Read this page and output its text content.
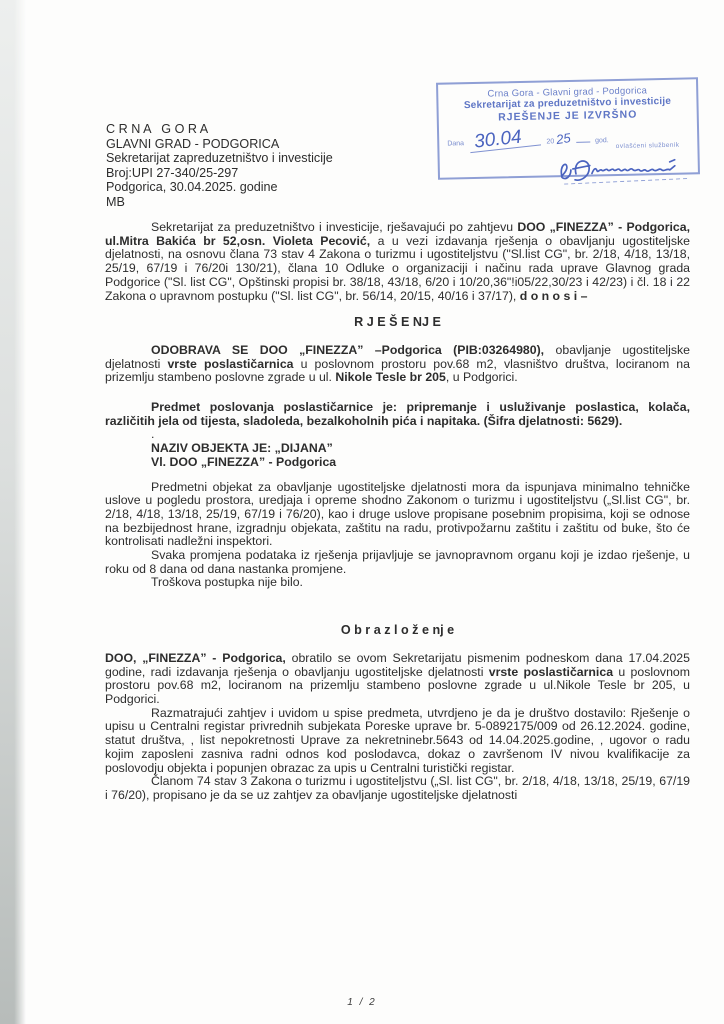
Crna Gora - Glavni grad - Podgorica
Sekretarijat za preduzetništvo i investicije
RJEŠENJE JE IZVRŠNO
Dana 30.04	20 25	god.
ovlašćeni službenik
C R N A   G O R A
GLAVNI GRAD - PODGORICA
Sekretarijat zapreduzetništvo i investicije
Broj:UPI 27-340/25-297
Podgorica, 30.04.2025. godine
MB

Sekretarijat za preduzetništvo i investicije, rješavajući po zahtjevu DOO „FINEZZA” - Podgorica, ul.Mitra Bakića br 52,osn. Violeta Pecović, a u vezi izdavanja rješenja o obavljanju ugostiteljske djelatnosti, na osnovu člana 73 stav 4 Zakona o turizmu i ugostiteljstvu ("Sl.list CG", br. 2/18, 4/18, 13/18, 25/19, 67/19 i 76/20i 130/21), člana 10 Odluke o organizaciji i načinu rada uprave Glavnog grada Podgorice ("Sl. list CG", Opštinski propisi br. 38/18, 43/18, 6/20 i 10/20,36"!i05/22,30/23 i 42/23) i čl. 18 i 22 Zakona o upravnom postupku ("Sl. list CG", br. 56/14, 20/15, 40/16 i 37/17), d o n o s i –

R J E Š E NJ E

ODOBRAVA SE DOO „FINEZZA” –Podgorica (PIB:03264980), obavljanje ugostiteljske djelatnosti vrste poslastičarnica u poslovnom prostoru pov.68 m2, vlasništvo društva, lociranom na prizemlju stambeno poslovne zgrade u ul. Nikole Tesle br 205, u Podgorici.

Predmet poslovanja poslastičarnice je: pripremanje i usluživanje poslastica, kolača, različitih jela od tijesta, sladoleda, bezalkoholnih pića i napitaka. (Šifra djelatnosti: 5629).

.

NAZIV OBJEKTA JE: „DIJANA”

Vl. DOO „FINEZZA” - Podgorica

Predmetni objekat za obavljanje ugostiteljske djelatnosti mora da ispunjava minimalno tehničke uslove u pogledu prostora, uredjaja i opreme shodno Zakonom o turizmu i ugostiteljstvu („Sl.list CG", br. 2/18, 4/18, 13/18, 25/19, 67/19 i 76/20), kao i druge uslove propisane posebnim propisima, koji se odnose na bezbijednost hrane, izgradnju objekata, zaštitu na radu, protivpožarnu zaštitu i zaštitu od buke, što će kontrolisati nadležni inspektori.

Svaka promjena podataka iz rješenja prijavljuje se javnopravnom organu koji je izdao rješenje, u roku od 8 dana od dana nastanka promjene.

Troškova postupka nije bilo.

O b r a z l o ž e nj e

DOO, „FINEZZA” - Podgorica, obratilo se ovom Sekretarijatu pismenim podneskom dana 17.04.2025 godine, radi izdavanja rješenja o obavljanju ugostiteljske djelatnosti vrste poslastičarnica u poslovnom prostoru pov.68 m2, lociranom na prizemlju stambeno poslovne zgrade u ul.Nikole Tesle br 205, u Podgorici.

Razmatrajući zahtjev i uvidom u spise predmeta, utvrdjeno je da je društvo dostavilo: Rješenje o upisu u Centralni registar privrednih subjekata Poreske uprave br. 5-0892175/009 od 26.12.2024. godine, statut društva, , list nepokretnosti Uprave za nekretninebr.5643 od 14.04.2025.godine, , ugovor o radu kojim zaposleni zasniva radni odnos kod poslodavca, dokaz o završenom IV nivou kvalifikacije za poslovodju objekta i popunjen obrazac za upis u Centralni turistički registar.

Članom 74 stav 3 Zakona o turizmu i ugostiteljstvu („Sl. list CG", br. 2/18, 4/18, 13/18, 25/19, 67/19 i 76/20), propisano je da se uz zahtjev za obavljanje ugostiteljske djelatnosti

1 / 2
